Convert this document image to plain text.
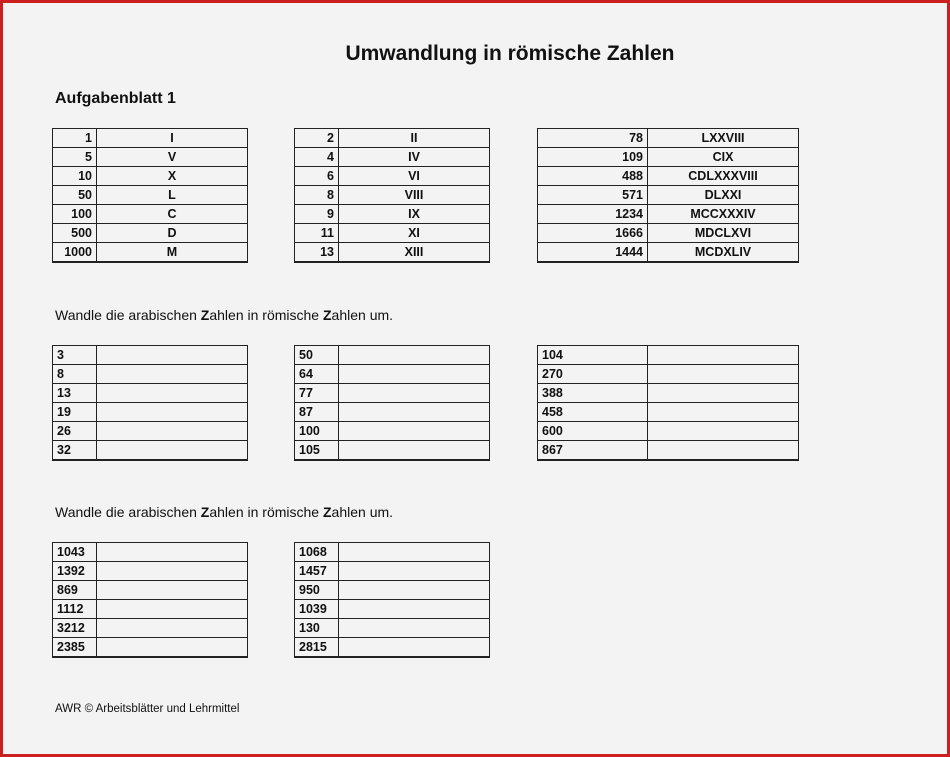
Umwandlung in römische Zahlen
Aufgabenblatt 1
1	I
5	V
10	X
50	L
100	C
500	D
1000	M
2	II
4	IV
6	VI
8	VIII
9	IX
11	XI
13	XIII
78	LXXVIII
109	CIX
488	CDLXXXVIII
571	DLXXI
1234	MCCXXXIV
1666	MDCLXVI
1444	MCDXLIV
Wandle die arabischen Zahlen in römische Zahlen um.
3	
8	
13	
19	
26	
32	
50	
64	
77	
87	
100	
105	
104	
270	
388	
458	
600	
867	
Wandle die arabischen Zahlen in römische Zahlen um.
1043	
1392	
869	
1112	
3212	
2385	
1068	
1457	
950	
1039	
130	
2815	
AWR © Arbeitsblätter und Lehrmittel
